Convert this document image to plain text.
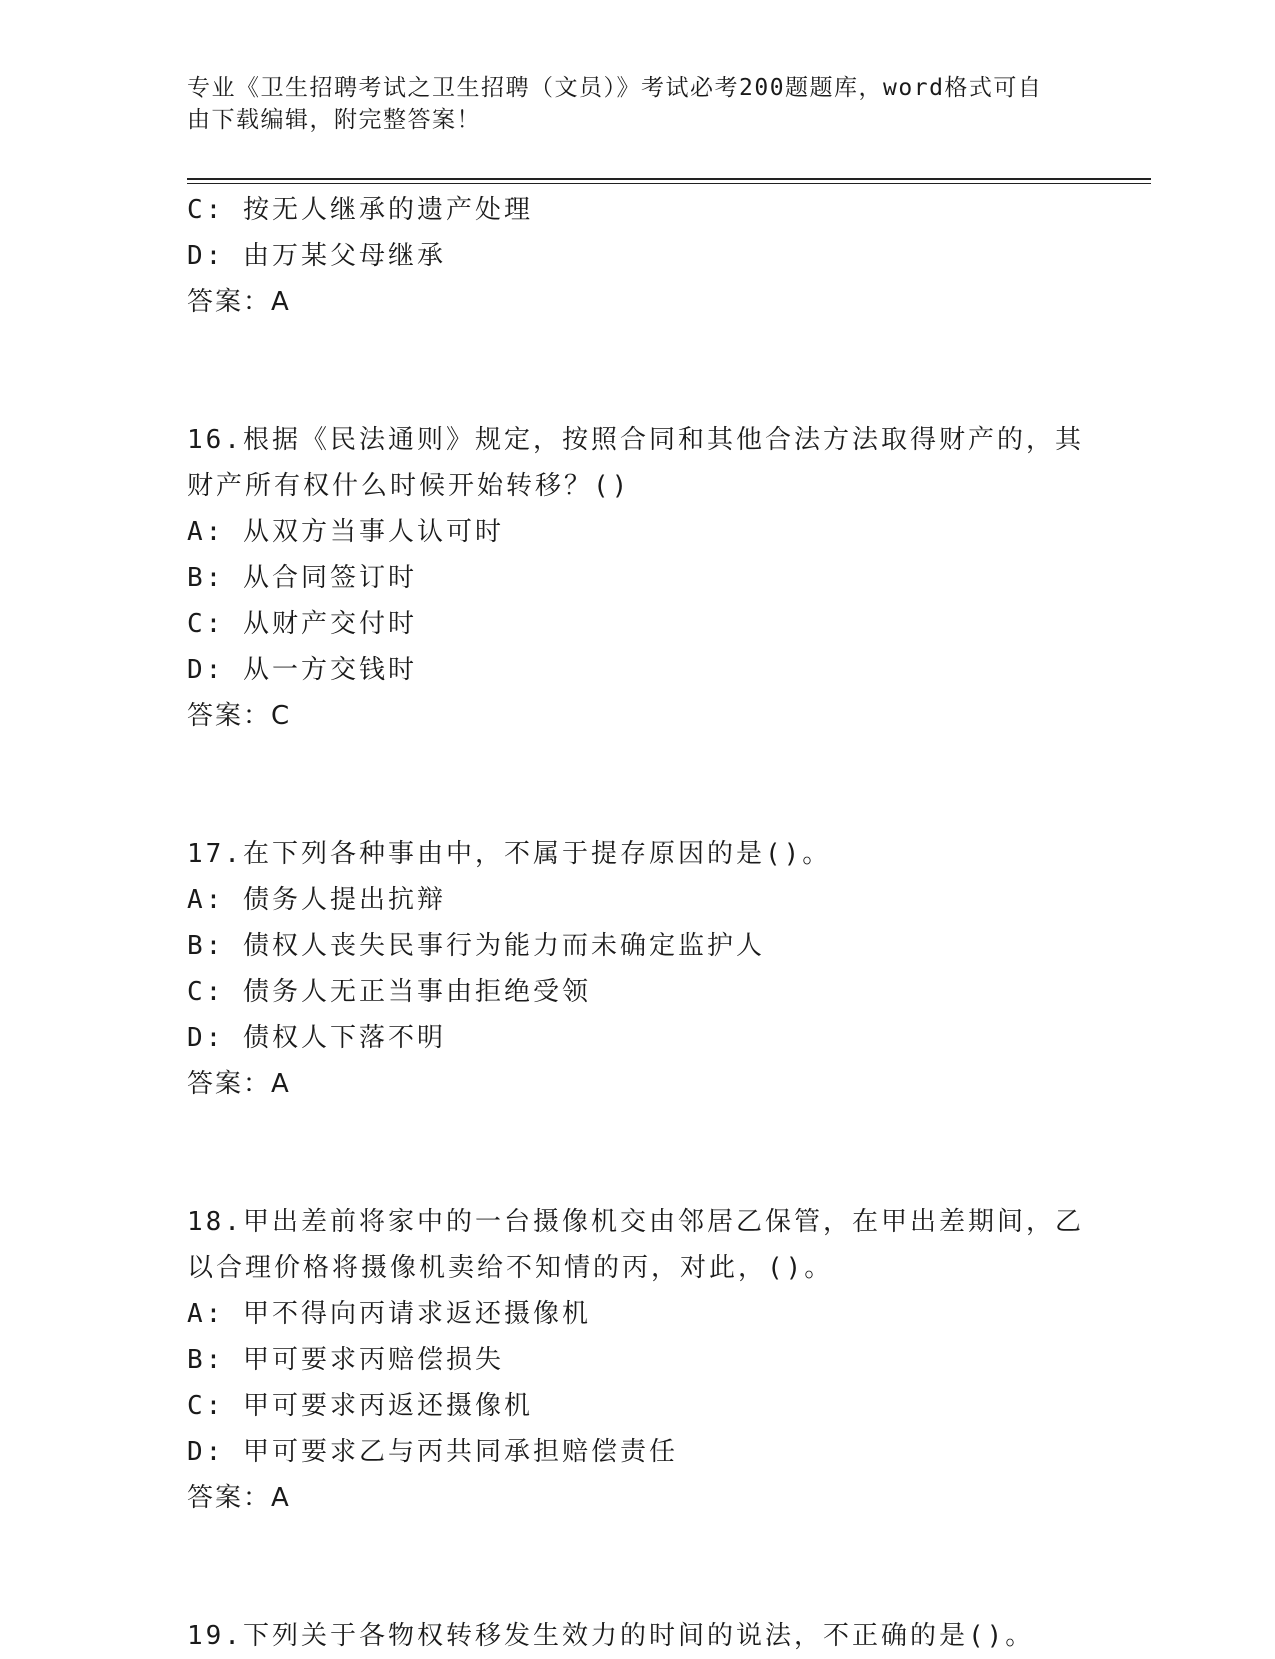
专业《卫生招聘考试之卫生招聘（文员）》考试必考200题题库，word格式可自
由下载编辑，附完整答案！
C: 按无人继承的遗产处理
D: 由万某父母继承
答案：A
16.根据《民法通则》规定，按照合同和其他合法方法取得财产的，其
财产所有权什么时候开始转移？()
A: 从双方当事人认可时
B: 从合同签订时
C: 从财产交付时
D: 从一方交钱时
答案：C
17.在下列各种事由中，不属于提存原因的是()。
A: 债务人提出抗辩
B: 债权人丧失民事行为能力而未确定监护人
C: 债务人无正当事由拒绝受领
D: 债权人下落不明
答案：A
18.甲出差前将家中的一台摄像机交由邻居乙保管，在甲出差期间，乙
以合理价格将摄像机卖给不知情的丙，对此，()。
A: 甲不得向丙请求返还摄像机
B: 甲可要求丙赔偿损失
C: 甲可要求丙返还摄像机
D: 甲可要求乙与丙共同承担赔偿责任
答案：A
19.下列关于各物权转移发生效力的时间的说法，不正确的是()。
